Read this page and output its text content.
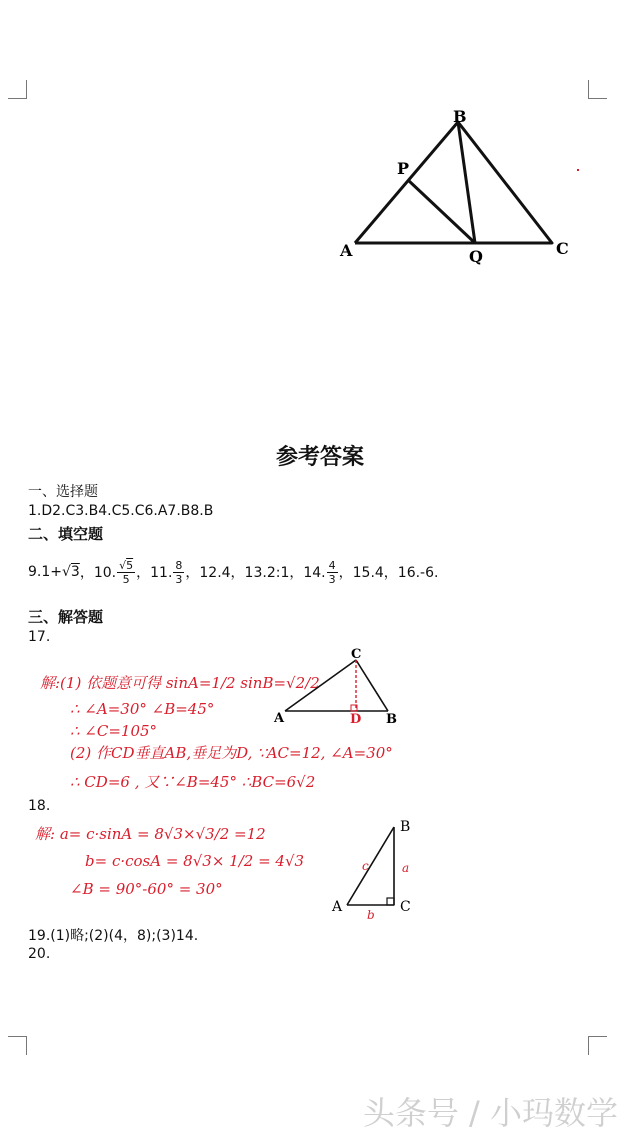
A
B
C
P
Q
参考答案
一、选择题
1.D2.C3.B4.C5.C6.A7.B8.B
二、填空题
9.1+ √3 ，10. $\frac{√5}{5}$ ，11. $\frac{8}{3}$ ，12.4，13.2:1，14. $\frac{4}{3}$ ，15.4，16.-6.
三、解答题
17.
解:(1) 依题意可得 sinA=1/2 sinB=√2/2
∴ ∠A=30° ∠B=45°
∴ ∠C=105°
(2) 作CD垂直AB,垂足为D, ∵AC=12, ∠A=30°
∴ CD=6 , 又∵∠B=45° ∴BC=6√2
C
A	D B
18.
解: a= c·sinA = 8√3×√3/2 =12
b= c·cosA = 8√3× 1/2 = 4√3
∠B = 90°-60° = 30°
B
A	C
a
b
c
19.(1)略;(2)(4，8);(3)14.
20.
头条号 / 小玛数学
